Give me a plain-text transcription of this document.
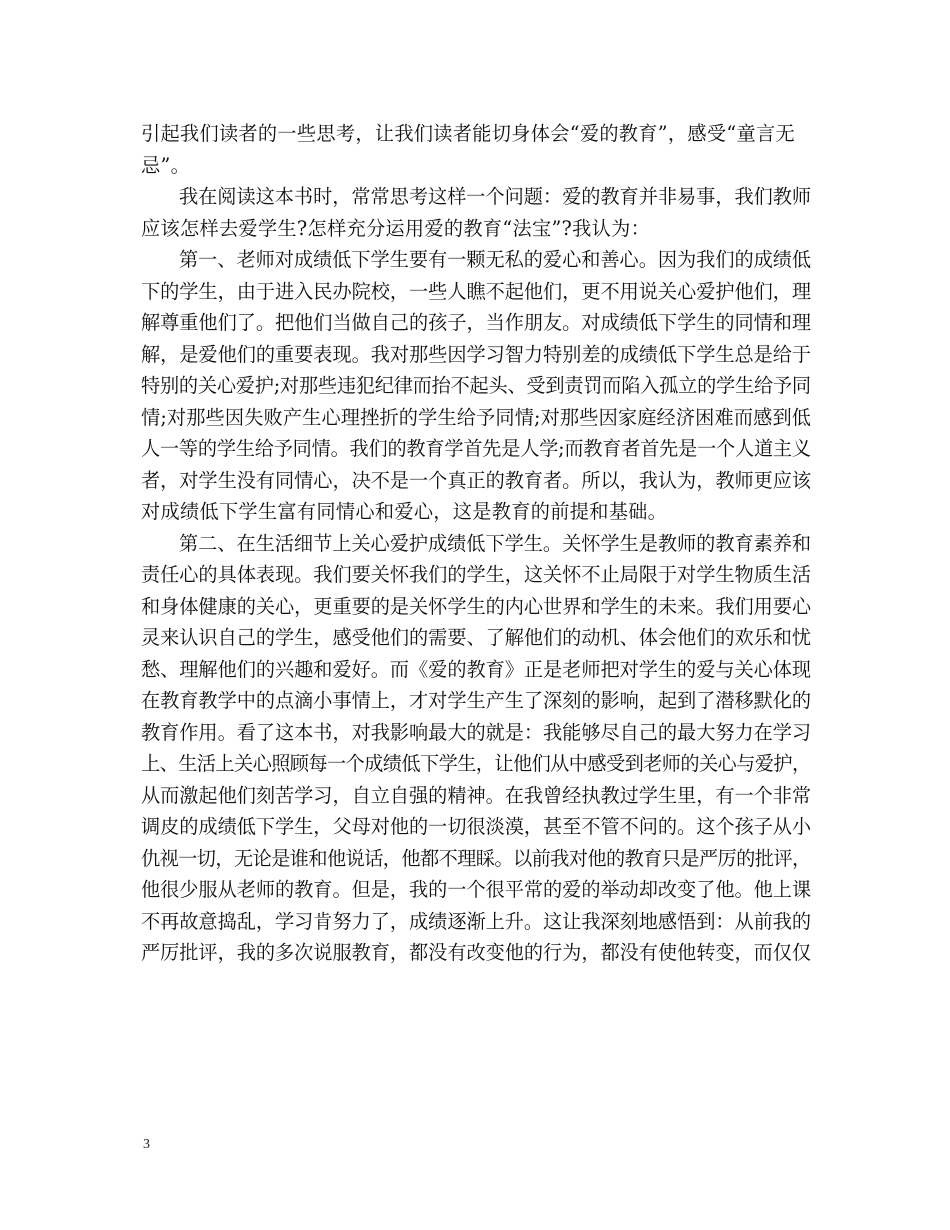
引起我们读者的一些思考，让我们读者能切身体会“爱的教育”，感受“童言无
忌”。
我在阅读这本书时，常常思考这样一个问题：爱的教育并非易事，我们教师
应该怎样去爱学生?怎样充分运用爱的教育“法宝”?我认为：
第一、老师对成绩低下学生要有一颗无私的爱心和善心。因为我们的成绩低
下的学生，由于进入民办院校，一些人瞧不起他们，更不用说关心爱护他们，理
解尊重他们了。把他们当做自己的孩子，当作朋友。对成绩低下学生的同情和理
解，是爱他们的重要表现。我对那些因学习智力特别差的成绩低下学生总是给于
特别的关心爱护;对那些违犯纪律而抬不起头、受到责罚而陷入孤立的学生给予同
情;对那些因失败产生心理挫折的学生给予同情;对那些因家庭经济困难而感到低
人一等的学生给予同情。我们的教育学首先是人学;而教育者首先是一个人道主义
者，对学生没有同情心，决不是一个真正的教育者。所以，我认为，教师更应该
对成绩低下学生富有同情心和爱心，这是教育的前提和基础。
第二、在生活细节上关心爱护成绩低下学生。关怀学生是教师的教育素养和
责任心的具体表现。我们要关怀我们的学生，这关怀不止局限于对学生物质生活
和身体健康的关心，更重要的是关怀学生的内心世界和学生的未来。我们用要心
灵来认识自己的学生，感受他们的需要、了解他们的动机、体会他们的欢乐和忧
愁、理解他们的兴趣和爱好。而《爱的教育》正是老师把对学生的爱与关心体现
在教育教学中的点滴小事情上，才对学生产生了深刻的影响，起到了潜移默化的
教育作用。看了这本书，对我影响最大的就是：我能够尽自己的最大努力在学习
上、生活上关心照顾每一个成绩低下学生，让他们从中感受到老师的关心与爱护，
从而激起他们刻苦学习，自立自强的精神。在我曾经执教过学生里，有一个非常
调皮的成绩低下学生，父母对他的一切很淡漠，甚至不管不问的。这个孩子从小
仇视一切，无论是谁和他说话，他都不理睬。以前我对他的教育只是严厉的批评，
他很少服从老师的教育。但是，我的一个很平常的爱的举动却改变了他。他上课
不再故意捣乱，学习肯努力了，成绩逐渐上升。这让我深刻地感悟到：从前我的
严厉批评，我的多次说服教育，都没有改变他的行为，都没有使他转变，而仅仅
3
